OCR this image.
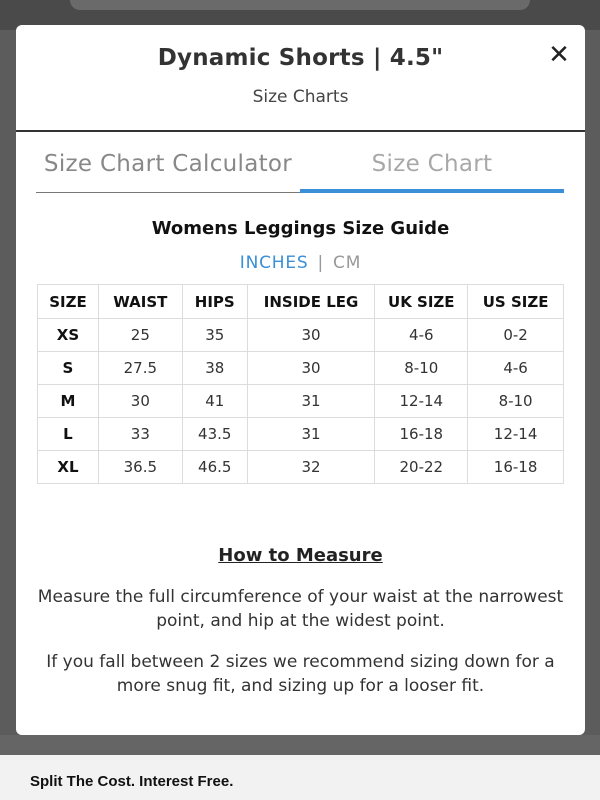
Split The Cost. Interest Free.
Dynamic Shorts | 4.5"
Size Charts
✕
Size Chart Calculator	Size Chart
Womens Leggings Size Guide
INCHES | CM
SIZE	WAIST	HIPS	INSIDE LEG	UK SIZE	US SIZE
XS	25	35	30	4-6	0-2
S	27.5	38	30	8-10	4-6
M	30	41	31	12-14	8-10
L	33	43.5	31	16-18	12-14
XL	36.5	46.5	32	20-22	16-18
How to Measure
Measure the full circumference of your waist at the narrowest point, and hip at the widest point.
If you fall between 2 sizes we recommend sizing down for a more snug fit, and sizing up for a looser fit.
